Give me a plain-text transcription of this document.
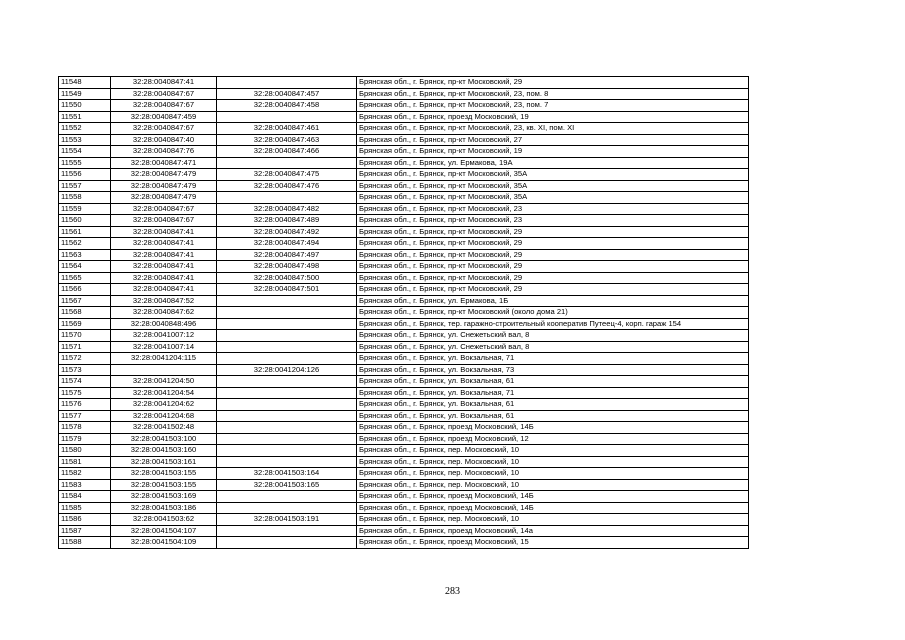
11548	32:28:0040847:41		Брянская обл., г. Брянск, пр-кт Московский, 29
11549	32:28:0040847:67	32:28:0040847:457	Брянская обл., г. Брянск, пр-кт Московский, 23, пом. 8
11550	32:28:0040847:67	32:28:0040847:458	Брянская обл., г. Брянск, пр-кт Московский, 23, пом. 7
11551	32:28:0040847:459		Брянская обл., г. Брянск, проезд Московский, 19
11552	32:28:0040847:67	32:28:0040847:461	Брянская обл., г. Брянск, пр-кт Московский, 23, кв. XI, пом. XI
11553	32:28:0040847:40	32:28:0040847:463	Брянская обл., г. Брянск, пр-кт Московский, 27
11554	32:28:0040847:76	32:28:0040847:466	Брянская обл., г. Брянск, пр-кт Московский, 19
11555	32:28:0040847:471		Брянская обл., г. Брянск, ул. Ермакова, 19А
11556	32:28:0040847:479	32:28:0040847:475	Брянская обл., г. Брянск, пр-кт Московский, 35А
11557	32:28:0040847:479	32:28:0040847:476	Брянская обл., г. Брянск, пр-кт Московский, 35А
11558	32:28:0040847:479		Брянская обл., г. Брянск, пр-кт Московский, 35А
11559	32:28:0040847:67	32:28:0040847:482	Брянская обл., г. Брянск, пр-кт Московский, 23
11560	32:28:0040847:67	32:28:0040847:489	Брянская обл., г. Брянск, пр-кт Московский, 23
11561	32:28:0040847:41	32:28:0040847:492	Брянская обл., г. Брянск, пр-кт Московский, 29
11562	32:28:0040847:41	32:28:0040847:494	Брянская обл., г. Брянск, пр-кт Московский, 29
11563	32:28:0040847:41	32:28:0040847:497	Брянская обл., г. Брянск, пр-кт Московский, 29
11564	32:28:0040847:41	32:28:0040847:498	Брянская обл., г. Брянск, пр-кт Московский, 29
11565	32:28:0040847:41	32:28:0040847:500	Брянская обл., г. Брянск, пр-кт Московский, 29
11566	32:28:0040847:41	32:28:0040847:501	Брянская обл., г. Брянск, пр-кт Московский, 29
11567	32:28:0040847:52		Брянская обл., г. Брянск, ул. Ермакова, 1Б
11568	32:28:0040847:62		Брянская обл., г. Брянск, пр-кт Московский (около дома 21)
11569	32:28:0040848:496		Брянская обл., г. Брянск, тер. гаражно-строительный кооператив Путеец-4, корп. гараж 154
11570	32:28:0041007:12		Брянская обл., г. Брянск, ул. Снежетьский вал, 8
11571	32:28:0041007:14		Брянская обл., г. Брянск, ул. Снежетьский вал, 8
11572	32:28:0041204:115		Брянская обл., г. Брянск, ул. Вокзальная, 71
11573		32:28:0041204:126	Брянская обл., г. Брянск, ул. Вокзальная, 73
11574	32:28:0041204:50		Брянская обл., г. Брянск, ул. Вокзальная, 61
11575	32:28:0041204:54		Брянская обл., г. Брянск, ул. Вокзальная, 71
11576	32:28:0041204:62		Брянская обл., г. Брянск, ул. Вокзальная, 61
11577	32:28:0041204:68		Брянская обл., г. Брянск, ул. Вокзальная, 61
11578	32:28:0041502:48		Брянская обл., г. Брянск, проезд Московский, 14Б
11579	32:28:0041503:100		Брянская обл., г. Брянск, проезд Московский, 12
11580	32:28:0041503:160		Брянская обл., г. Брянск, пер. Московский, 10
11581	32:28:0041503:161		Брянская обл., г. Брянск, пер. Московский, 10
11582	32:28:0041503:155	32:28:0041503:164	Брянская обл., г. Брянск, пер. Московский, 10
11583	32:28:0041503:155	32:28:0041503:165	Брянская обл., г. Брянск, пер. Московский, 10
11584	32:28:0041503:169		Брянская обл., г. Брянск, проезд Московский, 14Б
11585	32:28:0041503:186		Брянская обл., г. Брянск, проезд Московский, 14Б
11586	32:28:0041503:62	32:28:0041503:191	Брянская обл., г. Брянск, пер. Московский, 10
11587	32:28:0041504:107		Брянская обл., г. Брянск, проезд Московский, 14а
11588	32:28:0041504:109		Брянская обл., г. Брянск, проезд Московский, 15
283
